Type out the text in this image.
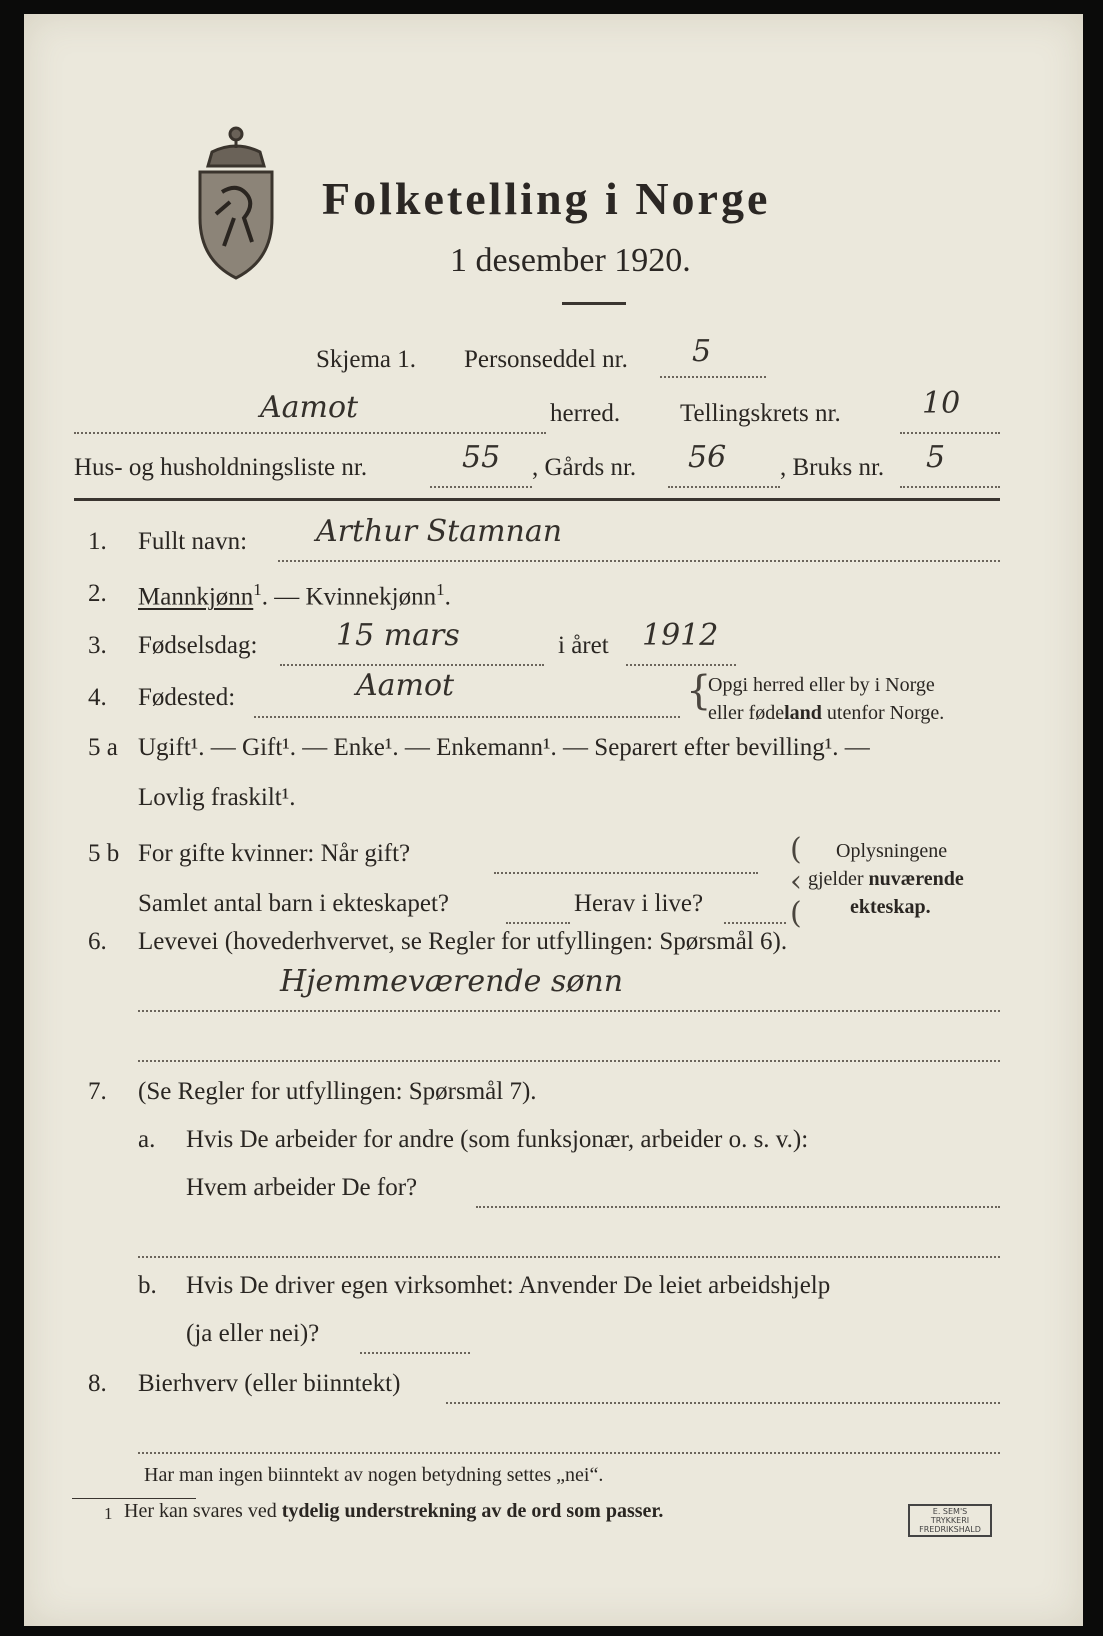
Folketelling i Norge
1 desember 1920.
Skjema 1. Personseddel nr. 5
Aamot	herred. Tellingskrets nr.	10
Hus- og husholdningsliste nr.	55 , Gårds nr. 56 , Bruks nr. 5
1. Fullt navn: Arthur Stamnan
2. Mannkjønn$^1$. — Kvinnekjønn$^1$.
3. Fødselsdag:	15 mars	i året 1912
4. Fødested:	Aamot	{
Opgi herred eller by i Norge
eller fødeland utenfor Norge.
5 a Ugift¹. — Gift¹. — Enke¹. — Enkemann¹. — Separert efter bevilling¹. —
Lovlig fraskilt¹.
5 b For gifte kvinner: Når gift?
Samlet antal barn i ekteskapet?	Herav i live?
(
‹
(
Oplysningene
gjelder nuværende
ekteskap.
6. Levevei (hovederhvervet, se Regler for utfyllingen: Spørsmål 6).
Hjemmeværende sønn
7. (Se Regler for utfyllingen: Spørsmål 7).
a. Hvis De arbeider for andre (som funksjonær, arbeider o. s. v.):
Hvem arbeider De for?
b. Hvis De driver egen virksomhet: Anvender De leiet arbeidshjelp
(ja eller nei)?
8. Bierhverv (eller biinntekt)
Har man ingen biinntekt av nogen betydning settes „nei“.
1 Her kan svares ved tydelig understrekning av de ord som passer.	E. SEM'S TRYKKERI FREDRIKSHALD
